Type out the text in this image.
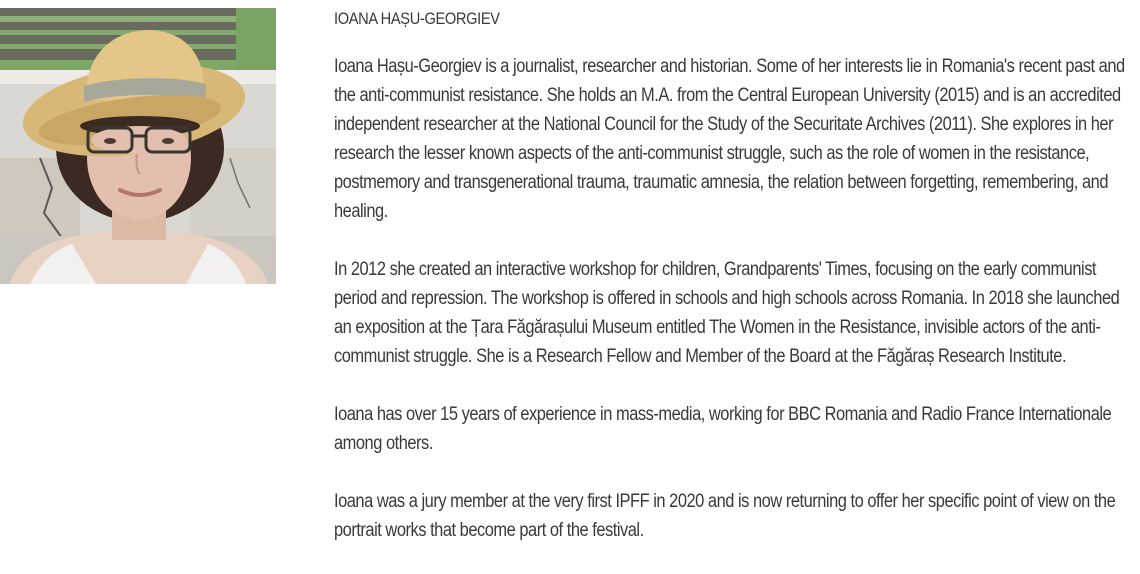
IOANA HAȘU-GEORGIEV

Ioana Hașu-Georgiev is a journalist, researcher and historian. Some of her interests lie in Romania's recent past and the anti-communist resistance. She holds an M.A. from the Central European University (2015) and is an accredited independent researcher at the National Council for the Study of the Securitate Archives (2011). She explores in her research the lesser known aspects of the anti-communist struggle, such as the role of women in the resistance, postmemory and transgenerational trauma, traumatic amnesia, the relation between forgetting, remembering, and healing.

In 2012 she created an interactive workshop for children, Grandparents' Times, focusing on the early communist period and repression. The workshop is offered in schools and high schools across Romania. In 2018 she launched an exposition at the Țara Făgărașului Museum entitled The Women in the Resistance, invisible actors of the anti-communist struggle. She is a Research Fellow and Member of the Board at the Făgăraș Research Institute.

Ioana has over 15 years of experience in mass-media, working for BBC Romania and Radio France Internationale among others.

Ioana was a jury member at the very first IPFF in 2020 and is now returning to offer her specific point of view on the portrait works that become part of the festival.
